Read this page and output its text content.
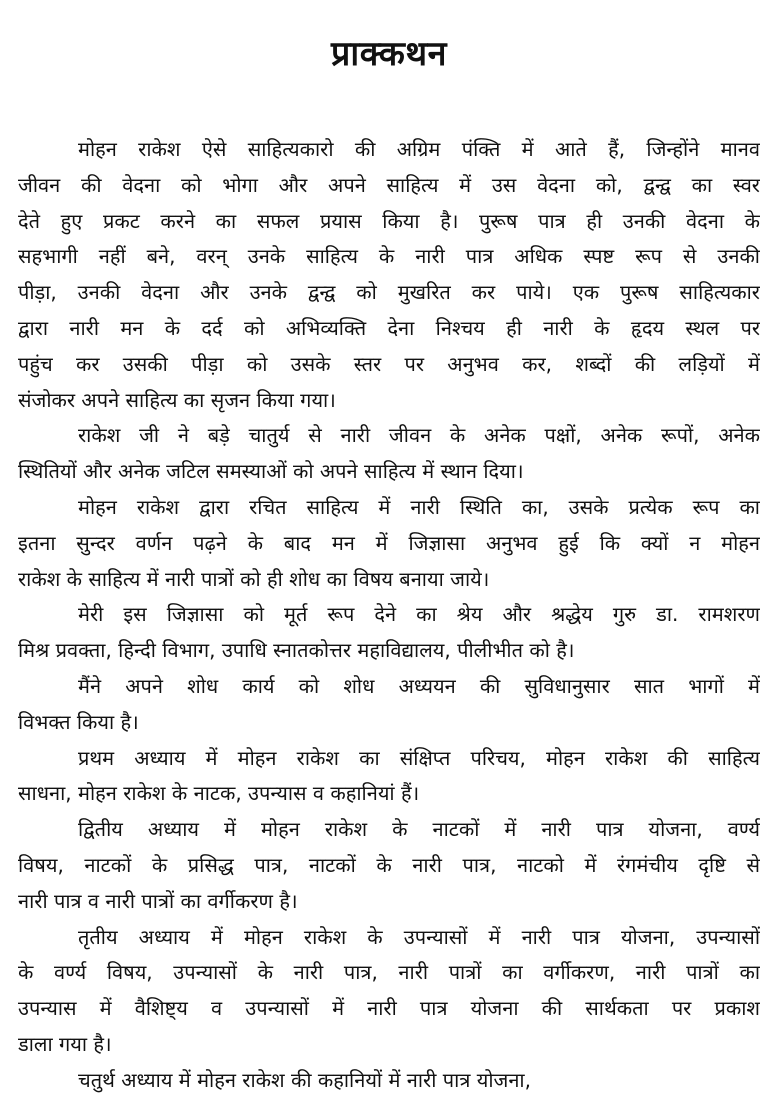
प्राक्कथन
मोहन राकेश ऐसे साहित्यकारो की अग्रिम पंक्ति में आते हैं, जिन्होंने मानव
जीवन की वेदना को भोगा और अपने साहित्य में उस वेदना को, द्वन्द्व का स्वर
देते हुए प्रकट करने का सफल प्रयास किया है। पुरूष पात्र ही उनकी वेदना के
सहभागी नहीं बने, वरन् उनके साहित्य के नारी पात्र अधिक स्पष्ट रूप से उनकी
पीड़ा, उनकी वेदना और उनके द्वन्द्व को मुखरित कर पाये। एक पुरूष साहित्यकार
द्वारा नारी मन के दर्द को अभिव्यक्ति देना निश्चय ही नारी के हृदय स्थल पर
पहुंच कर उसकी पीड़ा को उसके स्तर पर अनुभव कर, शब्दों की लड़ियों में
संजोकर अपने साहित्य का सृजन किया गया।
राकेश जी ने बड़े चातुर्य से नारी जीवन के अनेक पक्षों, अनेक रूपों, अनेक
स्थितियों और अनेक जटिल समस्याओं को अपने साहित्य में स्थान दिया।
मोहन राकेश द्वारा रचित साहित्य में नारी स्थिति का, उसके प्रत्येक रूप का
इतना सुन्दर वर्णन पढ़ने के बाद मन में जिज्ञासा अनुभव हुई कि क्यों न मोहन
राकेश के साहित्य में नारी पात्रों को ही शोध का विषय बनाया जाये।
मेरी इस जिज्ञासा को मूर्त रूप देने का श्रेय और श्रद्धेय गुरु डा. रामशरण
मिश्र प्रवक्ता, हिन्दी विभाग, उपाधि स्नातकोत्तर महाविद्यालय, पीलीभीत को है।
मैंने अपने शोध कार्य को शोध अध्ययन की सुविधानुसार सात भागों में
विभक्त किया है।
प्रथम अध्याय में मोहन राकेश का संक्षिप्त परिचय, मोहन राकेश की साहित्य
साधना, मोहन राकेश के नाटक, उपन्यास व कहानियां हैं।
द्वितीय अध्याय में मोहन राकेश के नाटकों में नारी पात्र योजना, वर्ण्य
विषय, नाटकों के प्रसिद्ध पात्र, नाटकों के नारी पात्र, नाटको में रंगमंचीय दृष्टि से
नारी पात्र व नारी पात्रों का वर्गीकरण है।
तृतीय अध्याय में मोहन राकेश के उपन्यासों में नारी पात्र योजना, उपन्यासों
के वर्ण्य विषय, उपन्यासों के नारी पात्र, नारी पात्रों का वर्गीकरण, नारी पात्रों का
उपन्यास में वैशिष्ट्य व उपन्यासों में नारी पात्र योजना की सार्थकता पर प्रकाश
डाला गया है।
चतुर्थ अध्याय में मोहन राकेश की कहानियों में नारी पात्र योजना,
